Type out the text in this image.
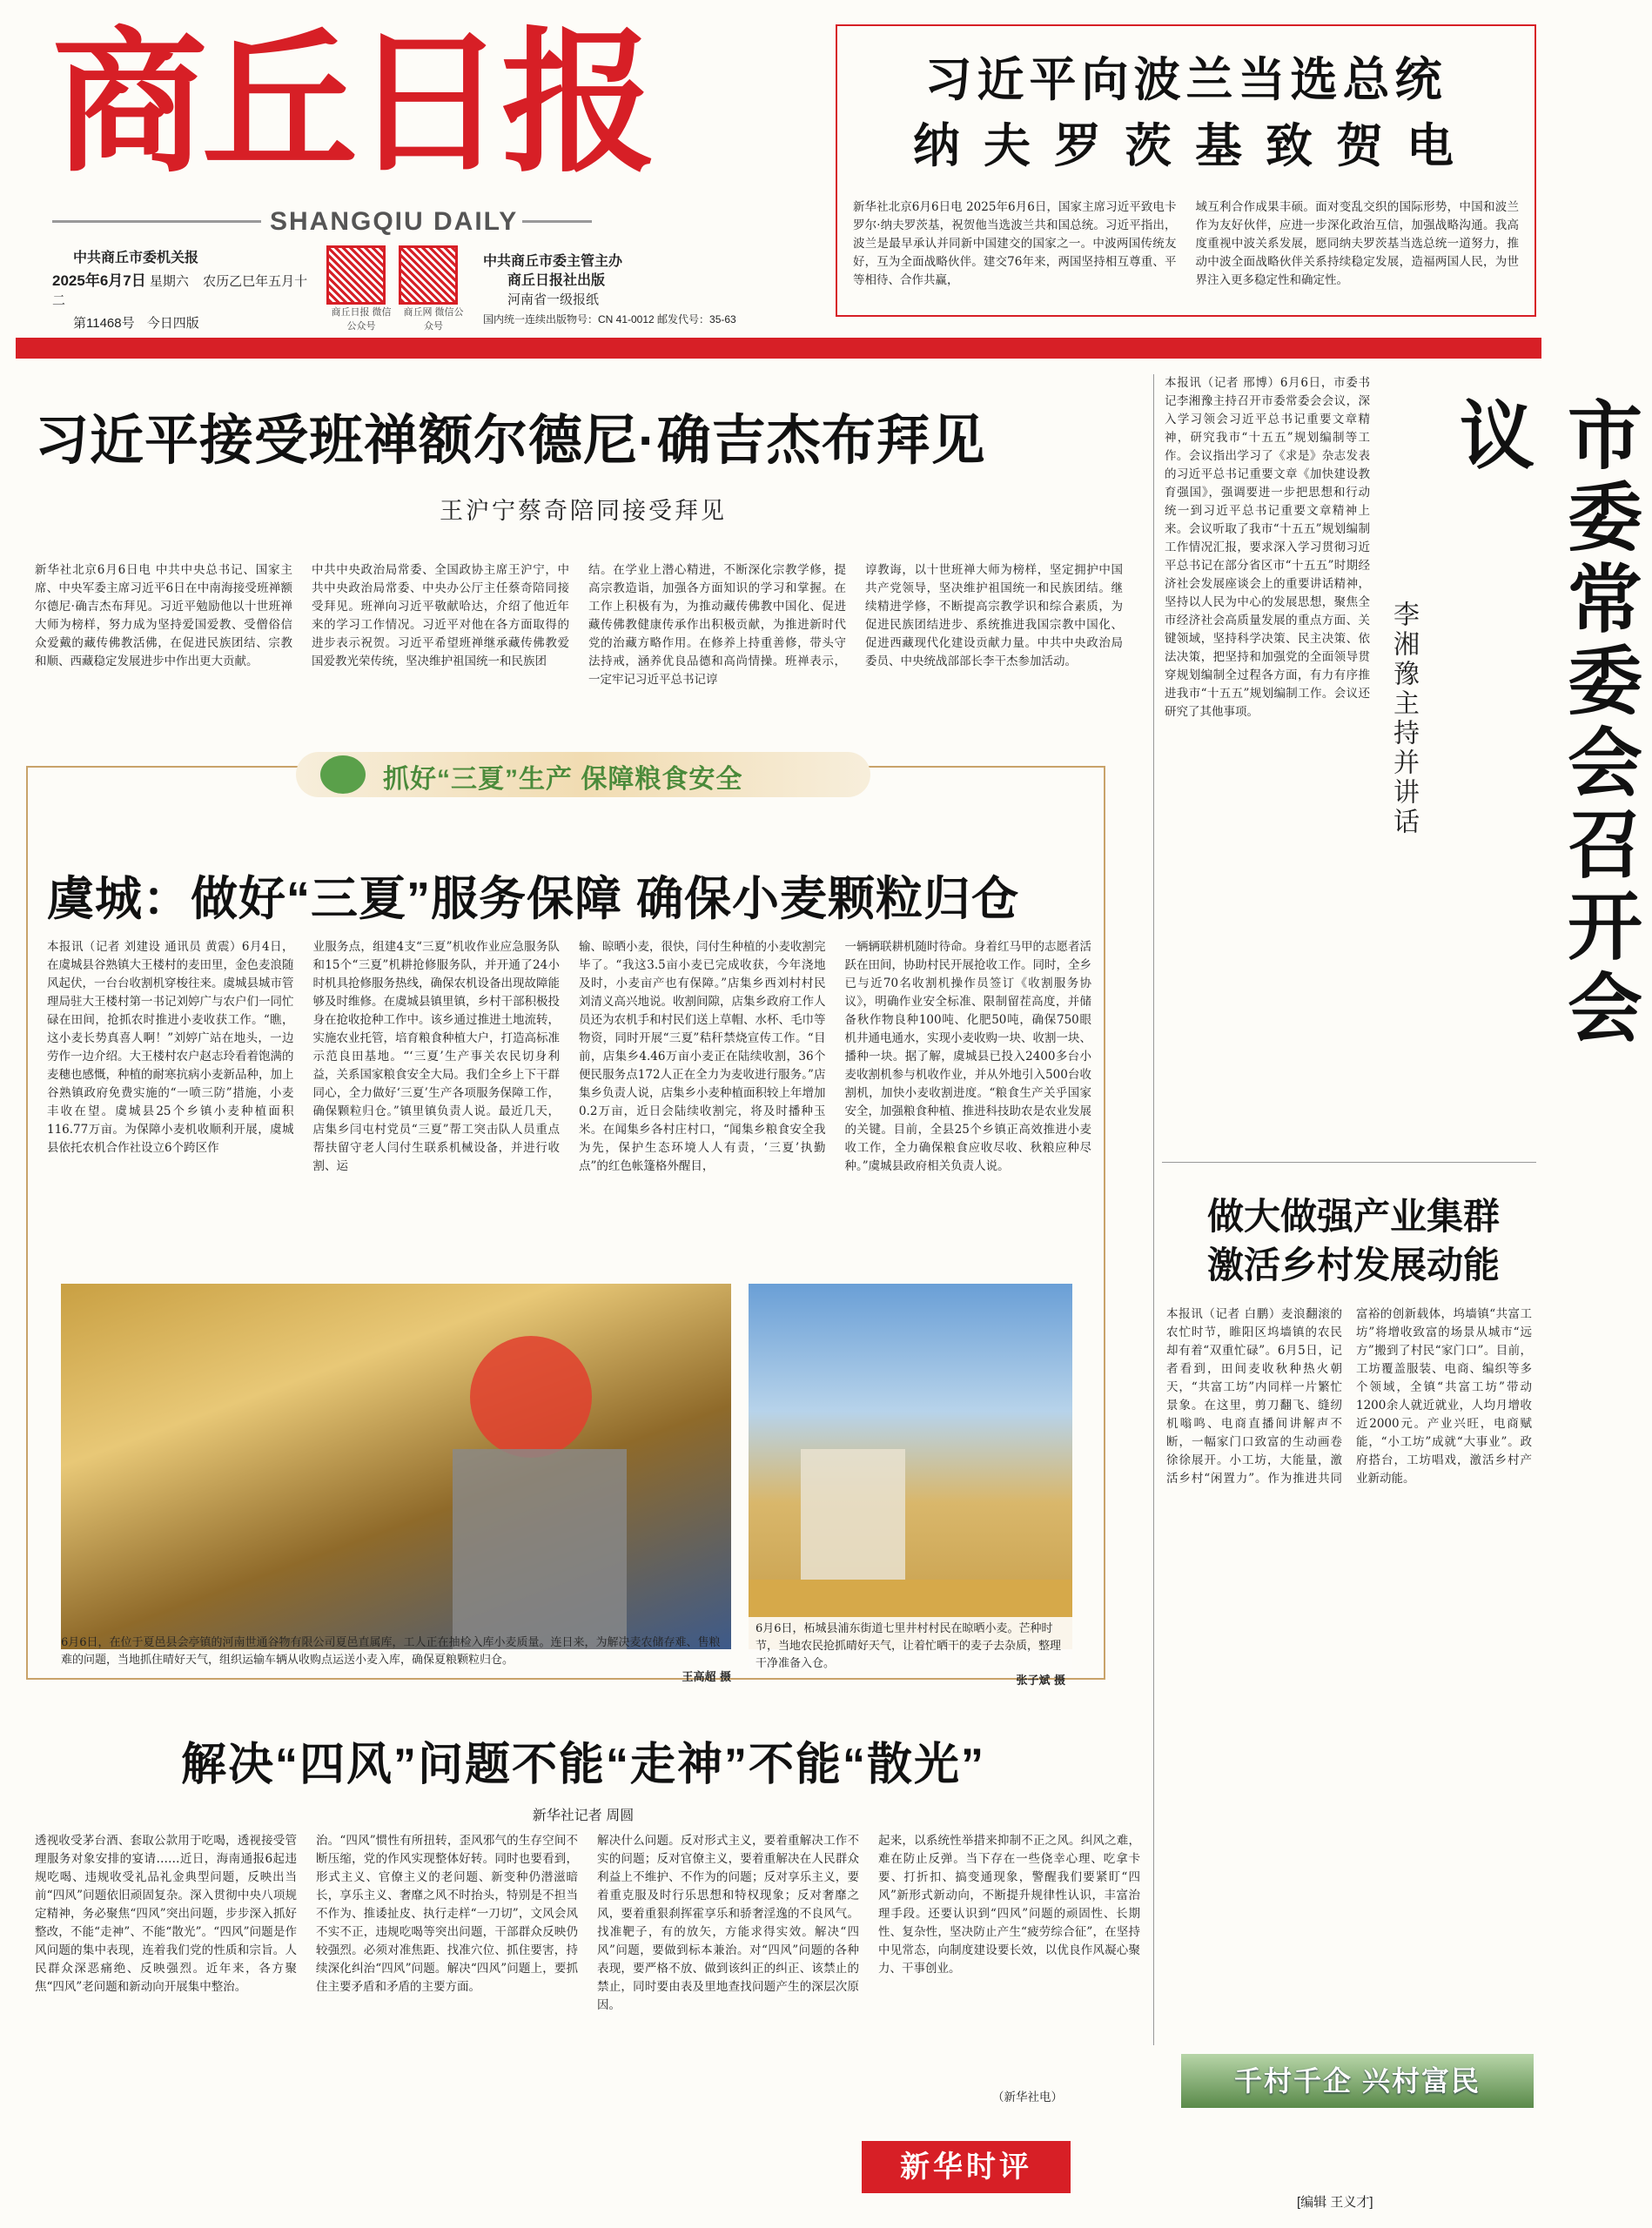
商丘日报
SHANGQIU DAILY
中共商丘市委机关报
2025年6月7日 星期六 农历乙巳年五月十二
第11468号 今日四版
商丘日报 微信公众号
商丘网 微信公众号
中共商丘市委主管主办
商丘日报社出版
河南省一级报纸
国内统一连续出版物号：CN 41-0012 邮发代号：35-63
习近平向波兰当选总统
纳 夫 罗 茨 基 致 贺 电
新华社北京6月6日电 2025年6月6日，国家主席习近平致电卡罗尔·纳夫罗茨基，祝贺他当选波兰共和国总统。习近平指出，波兰是最早承认并同新中国建交的国家之一。中波两国传统友好，互为全面战略伙伴。建交76年来，两国坚持相互尊重、平等相待、合作共赢，
域互利合作成果丰硕。面对变乱交织的国际形势，中国和波兰作为友好伙伴，应进一步深化政治互信，加强战略沟通。我高度重视中波关系发展，愿同纳夫罗茨基当选总统一道努力，推动中波全面战略伙伴关系持续稳定发展，造福两国人民，为世界注入更多稳定性和确定性。
习近平接受班禅额尔德尼·确吉杰布拜见
王沪宁蔡奇陪同接受拜见
新华社北京6月6日电 中共中央总书记、国家主席、中央军委主席习近平6日在中南海接受班禅额尔德尼·确吉杰布拜见。习近平勉励他以十世班禅大师为榜样，努力成为坚持爱国爱教、受僧俗信众爱戴的藏传佛教活佛，在促进民族团结、宗教和顺、西藏稳定发展进步中作出更大贡献。
中共中央政治局常委、全国政协主席王沪宁，中共中央政治局常委、中央办公厅主任蔡奇陪同接受拜见。班禅向习近平敬献哈达，介绍了他近年来的学习工作情况。习近平对他在各方面取得的进步表示祝贺。习近平希望班禅继承藏传佛教爱国爱教光荣传统，坚决维护祖国统一和民族团
结。在学业上潜心精进，不断深化宗教学修，提高宗教造诣，加强各方面知识的学习和掌握。在工作上积极有为，为推动藏传佛教中国化、促进藏传佛教健康传承作出积极贡献，为推进新时代党的治藏方略作用。在修养上持重善修，带头守法持戒，涵养优良品德和高尚情操。班禅表示，一定牢记习近平总书记谆
谆教诲，以十世班禅大师为榜样，坚定拥护中国共产党领导，坚决维护祖国统一和民族团结。继续精进学修，不断提高宗教学识和综合素质，为促进民族团结进步、系统推进我国宗教中国化、促进西藏现代化建设贡献力量。中共中央政治局委员、中央统战部部长李干杰参加活动。
本报讯（记者 邢博）6月6日，市委书记李湘豫主持召开市委常委会会议，深入学习领会习近平总书记重要文章精神，研究我市“十五五”规划编制等工作。会议指出学习了《求是》杂志发表的习近平总书记重要文章《加快建设教育强国》，强调要进一步把思想和行动统一到习近平总书记重要文章精神上来。会议听取了我市“十五五”规划编制工作情况汇报，要求深入学习贯彻习近平总书记在部分省区市“十五五”时期经济社会发展座谈会上的重要讲话精神，坚持以人民为中心的发展思想，聚焦全市经济社会高质量发展的重点方面、关键领域，坚持科学决策、民主决策、依法决策，把坚持和加强党的全面领导贯穿规划编制全过程各方面，有力有序推进我市“十五五”规划编制工作。会议还研究了其他事项。	市委常委会召开会议
李湘豫主持并讲话
做大做强产业集群
激活乡村发展动能
本报讯（记者 白鹏）麦浪翻滚的农忙时节，睢阳区坞墙镇的农民却有着“双重忙碌”。6月5日，记者看到，田间麦收秋种热火朝天，“共富工坊”内同样一片繁忙景象。在这里，剪刀翻飞、缝纫机嗡鸣、电商直播间讲解声不断，一幅家门口致富的生动画卷徐徐展开。小工坊，大能量，激活乡村“闲置力”。作为推进共同富裕的创新载体，坞墙镇“共富工坊”将增收致富的场景从城市“远方”搬到了村民“家门口”。目前，工坊覆盖服装、电商、编织等多个领域，全镇“共富工坊”带动1200余人就近就业，人均月增收近2000元。产业兴旺，电商赋能，“小工坊”成就“大事业”。政府搭台，工坊唱戏，激活乡村产业新动能。
千村千企 兴村富民
[编辑 王义才]
抓好“三夏”生产 保障粮食安全
虞城：做好“三夏”服务保障 确保小麦颗粒归仓
本报讯（记者 刘建设 通讯员 黄震）6月4日，在虞城县谷熟镇大王楼村的麦田里，金色麦浪随风起伏，一台台收割机穿梭往来。虞城县城市管理局驻大王楼村第一书记刘婷广与农户们一同忙碌在田间，抢抓农时推进小麦收获工作。“瞧，这小麦长势真喜人啊！”刘婷广站在地头，一边劳作一边介绍。大王楼村农户赵志玲看着饱满的麦穗也感慨，种植的耐寒抗病小麦新品种，加上谷熟镇政府免费实施的“一喷三防”措施，小麦丰收在望。虞城县25个乡镇小麦种植面积116.77万亩。为保障小麦机收顺利开展，虞城县依托农机合作社设立6个跨区作
业服务点，组建4支“三夏”机收作业应急服务队和15个“三夏”机耕抢修服务队，并开通了24小时机具抢修服务热线，确保农机设备出现故障能够及时维修。在虞城县镇里镇，乡村干部积极投身在抢收抢种工作中。该乡通过推进土地流转，实施农业托管，培育粮食种植大户，打造高标准示范良田基地。“‘三夏’生产事关农民切身利益，关系国家粮食安全大局。我们全乡上下干群同心，全力做好‘三夏’生产各项服务保障工作，确保颗粒归仓。”镇里镇负责人说。最近几天，店集乡闫屯村党员“三夏”帮工突击队人员重点帮扶留守老人闫付生联系机械设备，并进行收割、运
输、晾晒小麦，很快，闫付生种植的小麦收割完毕了。“我这3.5亩小麦已完成收获，今年浇地及时，小麦亩产也有保障。”店集乡西刘村村民刘清义高兴地说。收割间隙，店集乡政府工作人员还为农机手和村民们送上草帽、水杯、毛巾等物资，同时开展“三夏”秸秆禁烧宣传工作。“目前，店集乡4.46万亩小麦正在陆续收割，36个便民服务点172人正在全力为麦收进行服务。”店集乡负责人说，店集乡小麦种植面积较上年增加0.2万亩，近日会陆续收割完，将及时播种玉米。在闻集乡各村庄村口，“闻集乡粮食安全我为先，保护生态环境人人有责，‘三夏’执勤点”的红色帐篷格外醒目，
一辆辆联耕机随时待命。身着红马甲的志愿者活跃在田间，协助村民开展抢收工作。同时，全乡已与近70名收割机操作员签订《收割服务协议》，明确作业安全标准、限制留茬高度，并储备秋作物良种100吨、化肥50吨，确保750眼机井通电通水，实现小麦收购一块、收割一块、播种一块。据了解，虞城县已投入2400多台小麦收割机参与机收作业，并从外地引入500台收割机，加快小麦收割进度。“粮食生产关乎国家安全，加强粮食种植、推进科技助农是农业发展的关键。目前，全县25个乡镇正高效推进小麦收工作，全力确保粮食应收尽收、秋粮应种尽种。”虞城县政府相关负责人说。
6月6日，柘城县浦东街道七里井村村民在晾晒小麦。芒种时节，当地农民抢抓晴好天气，让着忙晒干的麦子去杂质，整理干净准备入仓。
张子斌 摄
6月6日，在位于夏邑县会亭镇的河南世通谷物有限公司夏邑直属库，工人正在抽检入库小麦质量。连日来，为解决麦农储存难、售粮难的问题，当地抓住晴好天气，组织运输车辆从收购点运送小麦入库，确保夏粮颗粒归仓。
王高超 摄
解决“四风”问题不能“走神”不能“散光”
新华社记者 周圆
透视收受茅台酒、套取公款用于吃喝，透视接受管理服务对象安排的宴请……近日，海南通报6起违规吃喝、违规收受礼品礼金典型问题，反映出当前“四风”问题依旧顽固复杂。深入贯彻中央八项规定精神，务必聚焦“四风”突出问题，步步深入抓好整改，不能“走神”、不能“散光”。“四风”问题是作风问题的集中表现，连着我们党的性质和宗旨。人民群众深恶痛绝、反映强烈。近年来，各方聚焦“四风”老问题和新动向开展集中整治。
治。“四风”惯性有所扭转，歪风邪气的生存空间不断压缩，党的作风实现整体好转。同时也要看到，形式主义、官僚主义的老问题、新变种仍潜滋暗长，享乐主义、奢靡之风不时抬头，特别是不担当不作为、推诿扯皮、执行走样“一刀切”，文风会风不实不正，违规吃喝等突出问题，干部群众反映仍较强烈。必须对准焦距、找准穴位、抓住要害，持续深化纠治“四风”问题。解决“四风”问题上，要抓住主要矛盾和矛盾的主要方面。
解决什么问题。反对形式主义，要着重解决工作不实的问题；反对官僚主义，要着重解决在人民群众利益上不维护、不作为的问题；反对享乐主义，要着重克服及时行乐思想和特权现象；反对奢靡之风，要着重狠刹挥霍享乐和骄奢淫逸的不良风气。找准靶子，有的放矢，方能求得实效。解决“四风”问题，要做到标本兼治。对“四风”问题的各种表现，要严格不放、做到该纠正的纠正、该禁止的禁止，同时要由表及里地查找问题产生的深层次原因。
起来，以系统性举措来抑制不正之风。纠风之难，难在防止反弹。当下存在一些侥幸心理、吃拿卡要、打折扣、搞变通现象，警醒我们要紧盯“四风”新形式新动向，不断提升规律性认识，丰富治理手段。还要认识到“四风”问题的顽固性、长期性、复杂性，坚决防止产生“疲劳综合征”，在坚持中见常态，向制度建设要长效，以优良作风凝心聚力、干事创业。
（新华社电）
新华时评
